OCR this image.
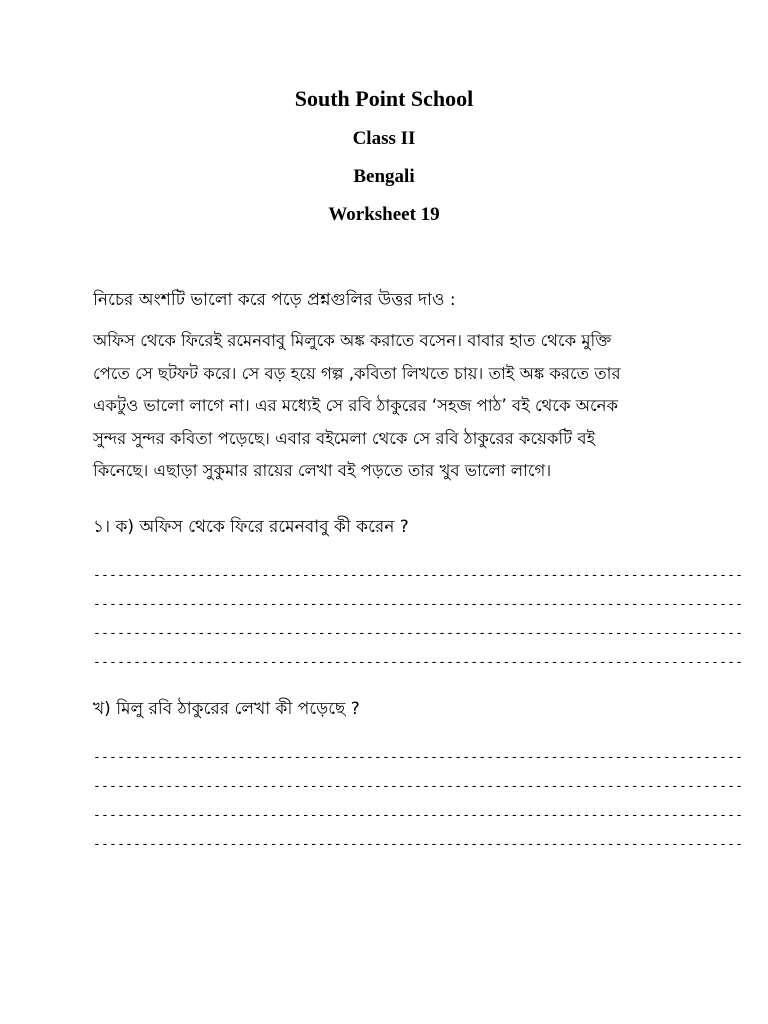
South Point School
Class II
Bengali
Worksheet 19
নিচের অংশটি ভালো করে পড়ে প্রশ্নগুলির উত্তর দাও :
অফিস থেকে ফিরেই রমেনবাবু মিলুকে অঙ্ক করাতে বসেন। বাবার হাত থেকে মুক্তি
পেতে সে ছটফট করে। সে বড় হয়ে গল্প ,কবিতা লিখতে চায়। তাই অঙ্ক করতে তার
একটুও ভালো লাগে না। এর মধ্যেই সে রবি ঠাকুরের ‘সহজ পাঠ’ বই থেকে অনেক
সুন্দর সুন্দর কবিতা পড়েছে। এবার বইমেলা থেকে সে রবি ঠাকুরের কয়েকটি বই
কিনেছে। এছাড়া সুকুমার রায়ের লেখা বই পড়তে তার খুব ভালো লাগে।
১। ক) অফিস থেকে ফিরে রমেনবাবু কী করেন ?
---------------------------------------------------------------------------------
---------------------------------------------------------------------------------
---------------------------------------------------------------------------------
---------------------------------------------------------------------------------
খ) মিলু রবি ঠাকুরের লেখা কী পড়েছে ?
---------------------------------------------------------------------------------
---------------------------------------------------------------------------------
---------------------------------------------------------------------------------
---------------------------------------------------------------------------------
